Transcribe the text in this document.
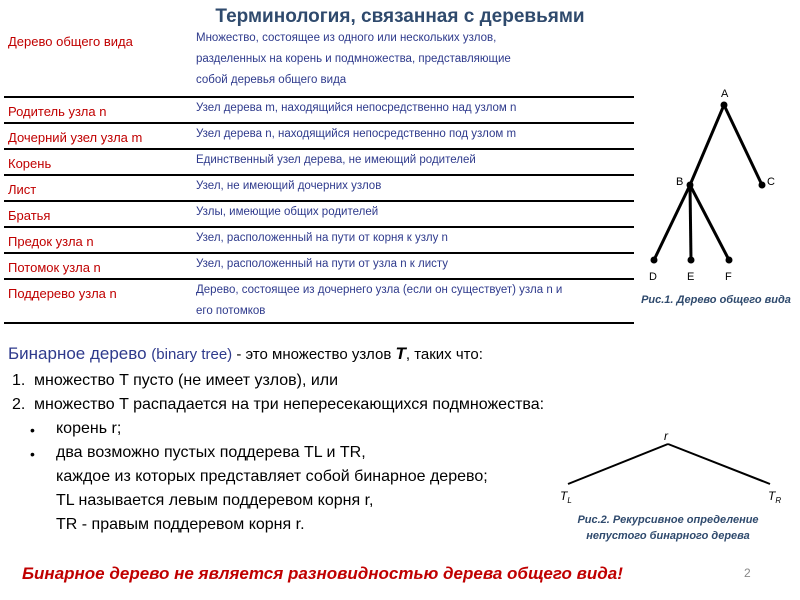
Терминология, связанная с деревьями
Дерево общего вида	Множество, состоящее из одного или нескольких узлов,
разделенных на корень и подмножества, представляющие
собой деревья общего вида

Родитель узла n	Узел дерева m, находящийся непосредственно над узлом n

Дочерний узел узла m	Узел дерева n, находящийся непосредственно под узлом m

Корень	Единственный узел дерева, не имеющий родителей

Лист	Узел, не имеющий дочерних узлов

Братья	Узлы, имеющие общих родителей

Предок узла n	Узел, расположенный на пути от корня к узлу n

Потомок узла n	Узел, расположенный на пути от узла n к листу

Поддерево узла n	Дерево, состоящее из дочернего узла (если он существует) узла n и
его потомков
A
B	C
D	E	F
Рис.1. Дерево общего вида
r
$T_L$	$T_R$
Рис.2. Рекурсивное определение
непустого бинарного дерева
Бинарное дерево (binary tree) - это множество узлов T, таких что:
1. множество T пусто (не имеет узлов), или
2. множество T распадается на три непересекающихся подмножества:
• корень r;
• два возможно пустых поддерева TL и TR,
каждое из которых представляет собой бинарное дерево;
TL называется левым поддеревом корня r,
TR - правым поддеревом корня r.
Бинарное дерево не является разновидностью дерева общего вида!	2
